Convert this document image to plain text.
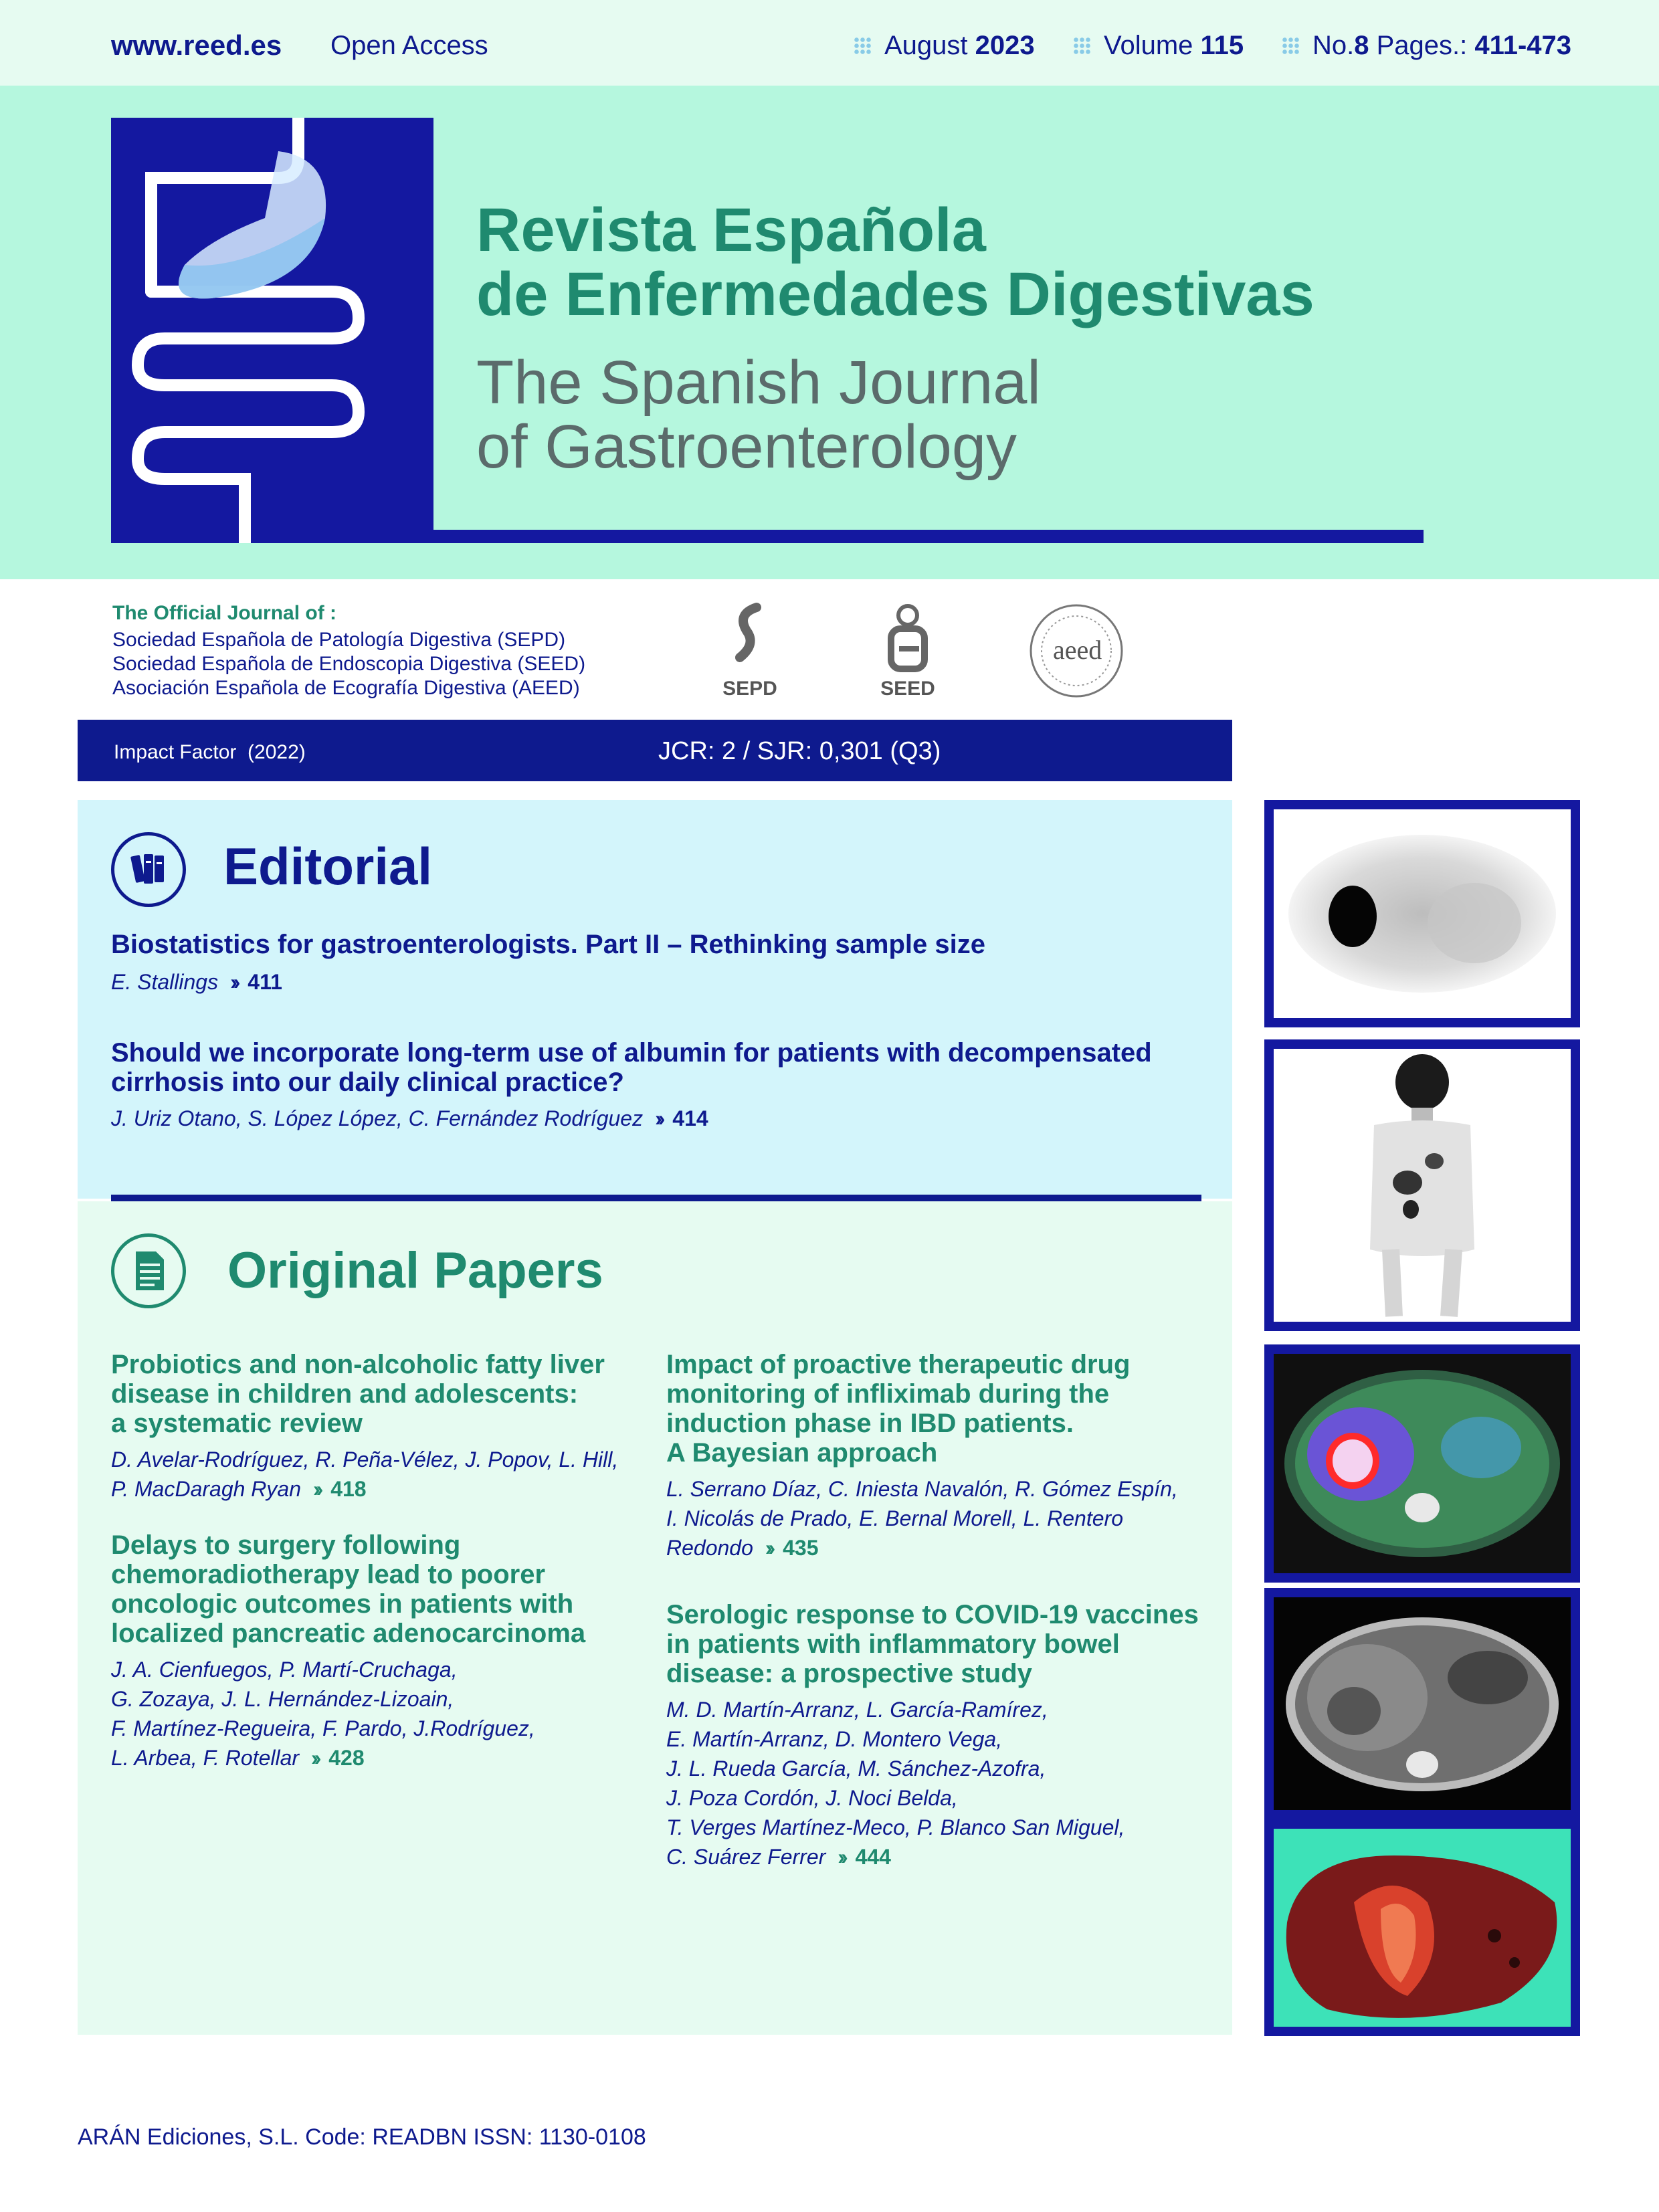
www.reed.es Open Access	August 2023	Volume 115	No.8 Pages.: 411-473
Revista Española
de Enfermedades Digestivas
The Spanish Journal
of Gastroenterology
The Official Journal of :
Sociedad Española de Patología Digestiva (SEPD)
Sociedad Española de Endoscopia Digestiva (SEED)
Asociación Española de Ecografía Digestiva (AEED)	SEPD	SEED
aeed
Impact Factor  (2022)	JCR: 2 / SJR: 0,301 (Q3)
Editorial
Biostatistics for gastroenterologists. Part II – Rethinking sample size
E. Stallings ›› 411
Should we incorporate long-term use of albumin for patients with decompensated cirrhosis into our daily clinical practice?
J. Uriz Otano, S. López López, C. Fernández Rodríguez ›› 414
Original Papers
Probiotics and non-alcoholic fatty liver
disease in children and adolescents:
a systematic review
D. Avelar-Rodríguez, R. Peña-Vélez, J. Popov, L. Hill,
P. MacDaragh Ryan ›› 418
Delays to surgery following
chemoradiotherapy lead to poorer
oncologic outcomes in patients with
localized pancreatic adenocarcinoma
J. A. Cienfuegos, P. Martí-Cruchaga,
G. Zozaya, J. L. Hernández-Lizoain,
F. Martínez-Regueira, F. Pardo, J.Rodríguez,
L. Arbea, F. Rotellar ›› 428
Impact of proactive therapeutic drug
monitoring of infliximab during the
induction phase in IBD patients.
A Bayesian approach
L. Serrano Díaz, C. Iniesta Navalón, R. Gómez Espín,
I. Nicolás de Prado, E. Bernal Morell, L. Rentero
Redondo ›› 435
Serologic response to COVID-19 vaccines
in patients with inflammatory bowel
disease: a prospective study
M. D. Martín-Arranz, L. García-Ramírez,
E. Martín-Arranz, D. Montero Vega,
J. L. Rueda García, M. Sánchez-Azofra,
J. Poza Cordón, J. Noci Belda,
T. Verges Martínez-Meco, P. Blanco San Miguel,
C. Suárez Ferrer ›› 444
ARÁN Ediciones, S.L. Code: READBN ISSN: 1130-0108
